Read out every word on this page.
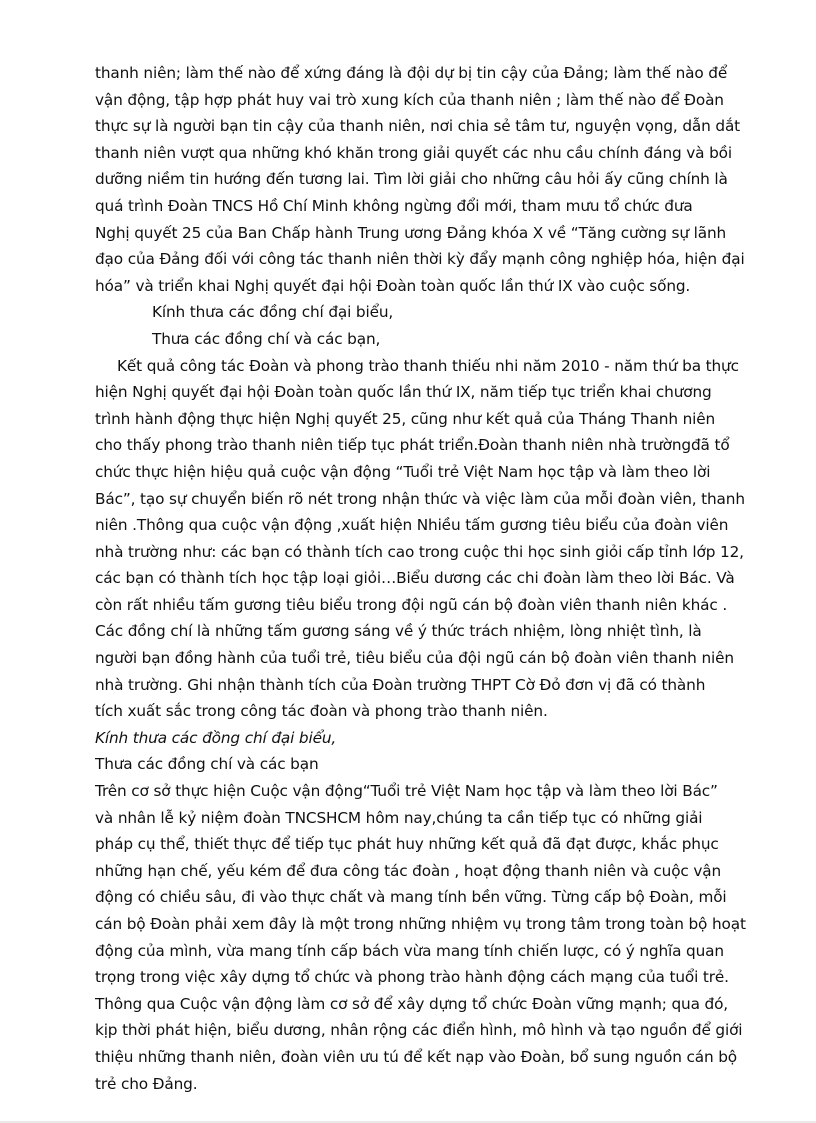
thanh niên; làm thế nào để xứng đáng là đội dự bị tin cậy của Đảng; làm thế nào để
vận động, tập hợp phát huy vai trò xung kích của thanh niên ; làm thế nào để Đoàn
thực sự là người bạn tin cậy của thanh niên, nơi chia sẻ tâm tư, nguyện vọng, dẫn dắt
thanh niên vượt qua những khó khăn trong giải quyết các nhu cầu chính đáng và bồi
dưỡng niềm tin hướng đến tương lai. Tìm lời giải cho những câu hỏi ấy cũng chính là
quá trình Đoàn TNCS Hồ Chí Minh không ngừng đổi mới, tham mưu tổ chức đưa
Nghị quyết 25 của Ban Chấp hành Trung ương Đảng khóa X về “Tăng cường sự lãnh
đạo của Đảng đối với công tác thanh niên thời kỳ đẩy mạnh công nghiệp hóa, hiện đại
hóa” và triển khai Nghị quyết đại hội Đoàn toàn quốc lần thứ IX vào cuộc sống.
Kính thưa các đồng chí đại biểu,
Thưa các đồng chí và các bạn,
Kết quả công tác Đoàn và phong trào thanh thiếu nhi năm 2010 - năm thứ ba thực
hiện Nghị quyết đại hội Đoàn toàn quốc lần thứ IX, năm tiếp tục triển khai chương
trình hành động thực hiện Nghị quyết 25, cũng như kết quả của Tháng Thanh niên
cho thấy phong trào thanh niên tiếp tục phát triển.Đoàn thanh niên nhà trườngđã tổ
chức thực hiện hiệu quả cuộc vận động “Tuổi trẻ Việt Nam học tập và làm theo lời
Bác”, tạo sự chuyển biến rõ nét trong nhận thức và việc làm của mỗi đoàn viên, thanh
niên .Thông qua cuộc vận động ,xuất hiện Nhiều tấm gương tiêu biểu của đoàn viên
nhà trường như: các bạn có thành tích cao trong cuộc thi học sinh giỏi cấp tỉnh lớp 12,
các bạn có thành tích học tập loại giỏi…Biểu dương các chi đoàn làm theo lời Bác. Và
còn rất nhiều tấm gương tiêu biểu trong đội ngũ cán bộ đoàn viên thanh niên khác .
Các đồng chí là những tấm gương sáng về ý thức trách nhiệm, lòng nhiệt tình, là
người bạn đồng hành của tuổi trẻ, tiêu biểu của đội ngũ cán bộ đoàn viên thanh niên
nhà trường. Ghi nhận thành tích của Đoàn trường THPT Cờ Đỏ đơn vị đã có thành
tích xuất sắc trong công tác đoàn và phong trào thanh niên.
Kính thưa các đồng chí đại biểu,
Thưa các đồng chí và các bạn
Trên cơ sở thực hiện Cuộc vận động“Tuổi trẻ Việt Nam học tập và làm theo lời Bác”
và nhân lễ kỷ niệm đoàn TNCSHCM hôm nay,chúng ta cần tiếp tục có những giải
pháp cụ thể, thiết thực để tiếp tục phát huy những kết quả đã đạt được, khắc phục
những hạn chế, yếu kém để đưa công tác đoàn , hoạt động thanh niên và cuộc vận
động có chiều sâu, đi vào thực chất và mang tính bền vững. Từng cấp bộ Đoàn, mỗi
cán bộ Đoàn phải xem đây là một trong những nhiệm vụ trong tâm trong toàn bộ hoạt
động của mình, vừa mang tính cấp bách vừa mang tính chiến lược, có ý nghĩa quan
trọng trong việc xây dựng tổ chức và phong trào hành động cách mạng của tuổi trẻ.
Thông qua Cuộc vận động làm cơ sở để xây dựng tổ chức Đoàn vững mạnh; qua đó,
kịp thời phát hiện, biểu dương, nhân rộng các điển hình, mô hình và tạo nguồn để giới
thiệu những thanh niên, đoàn viên ưu tú để kết nạp vào Đoàn, bổ sung nguồn cán bộ
trẻ cho Đảng.
